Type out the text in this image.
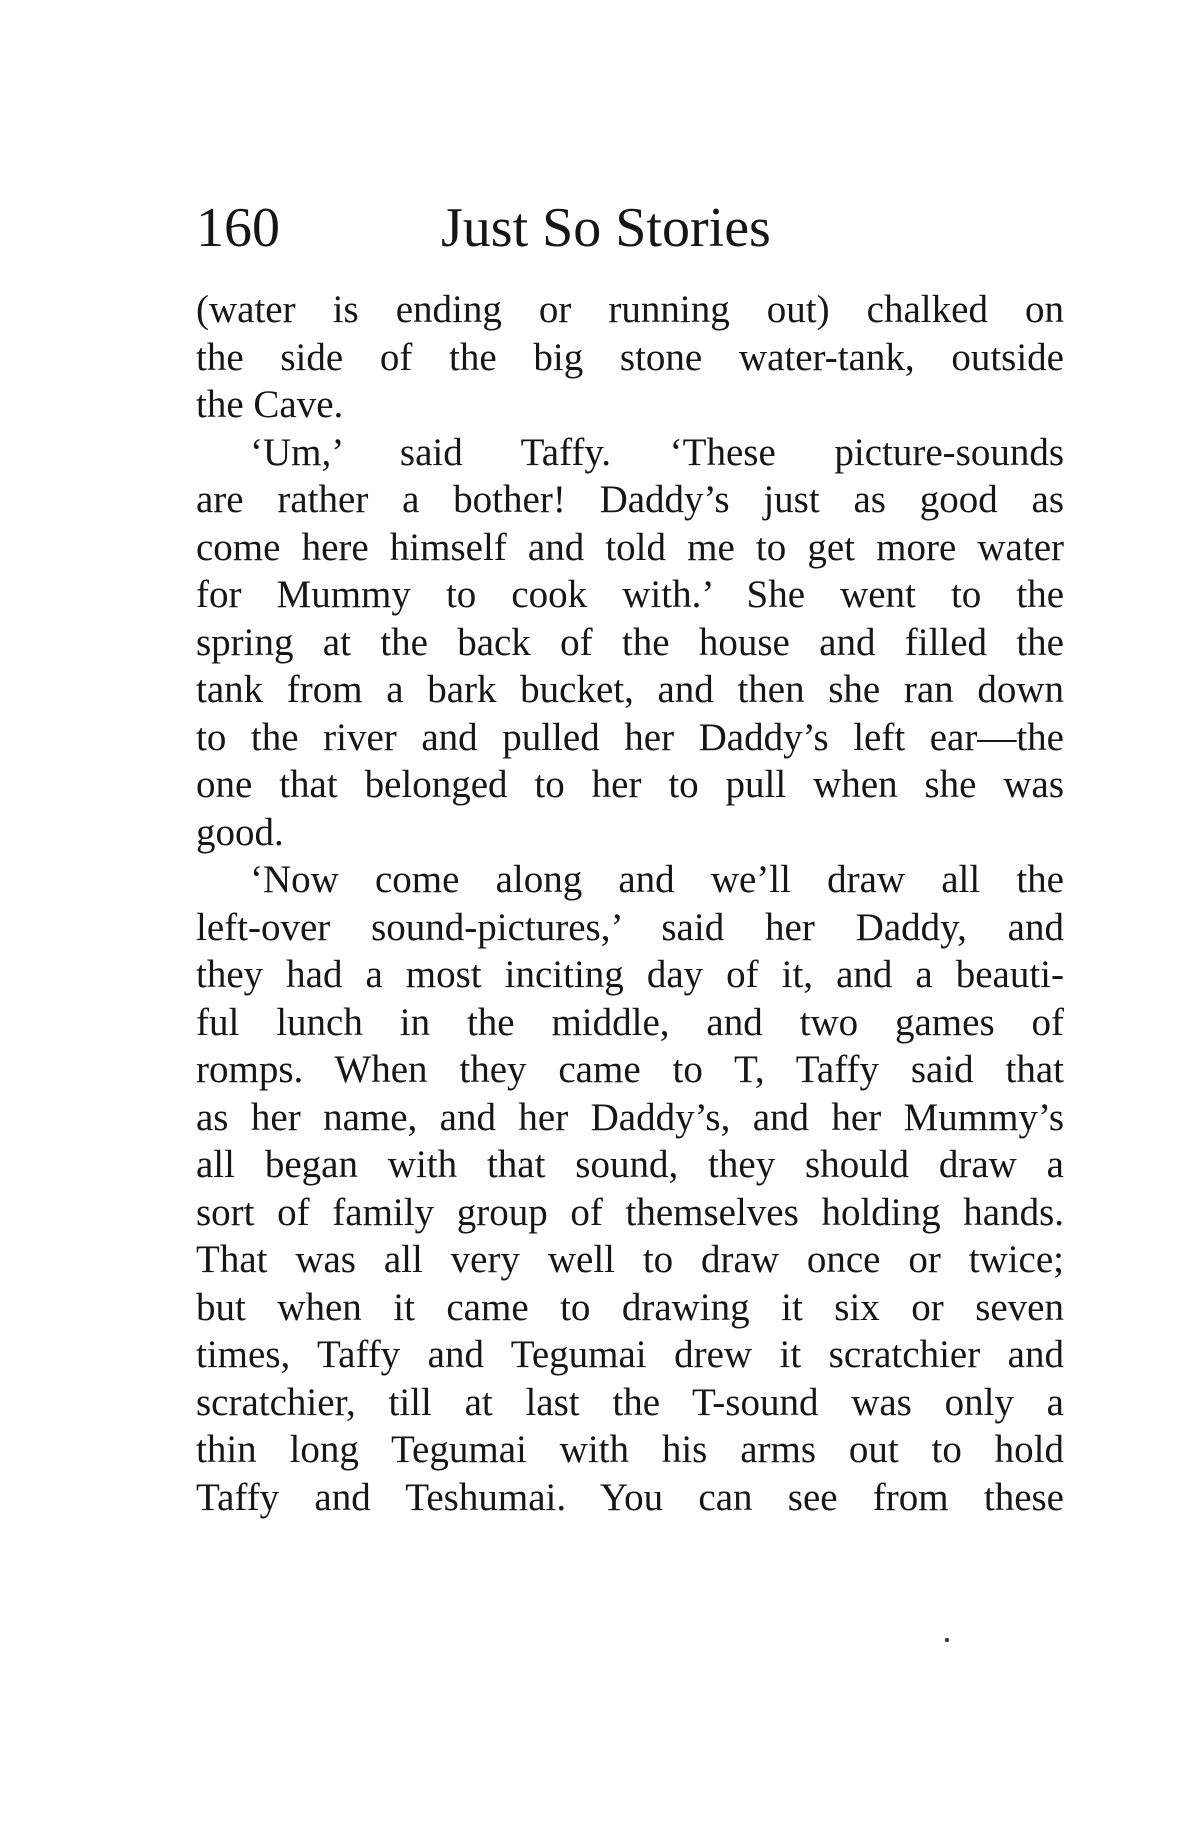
160	Just So Stories
(water is ending or running out) chalked on
the side of the big stone water-tank, outside
the Cave.
‘Um,’ said Taffy. ‘These picture-sounds
are rather a bother! Daddy’s just as good as
come here himself and told me to get more water
for Mummy to cook with.’ She went to the
spring at the back of the house and filled the
tank from a bark bucket, and then she ran down
to the river and pulled her Daddy’s left ear—the
one that belonged to her to pull when she was
good.
‘Now come along and we’ll draw all the
left-over sound-pictures,’ said her Daddy, and
they had a most inciting day of it, and a beauti-
ful lunch in the middle, and two games of
romps. When they came to T, Taffy said that
as her name, and her Daddy’s, and her Mummy’s
all began with that sound, they should draw a
sort of family group of themselves holding hands.
That was all very well to draw once or twice;
but when it came to drawing it six or seven
times, Taffy and Tegumai drew it scratchier and
scratchier, till at last the T-sound was only a
thin long Tegumai with his arms out to hold
Taffy and Teshumai. You can see from these
